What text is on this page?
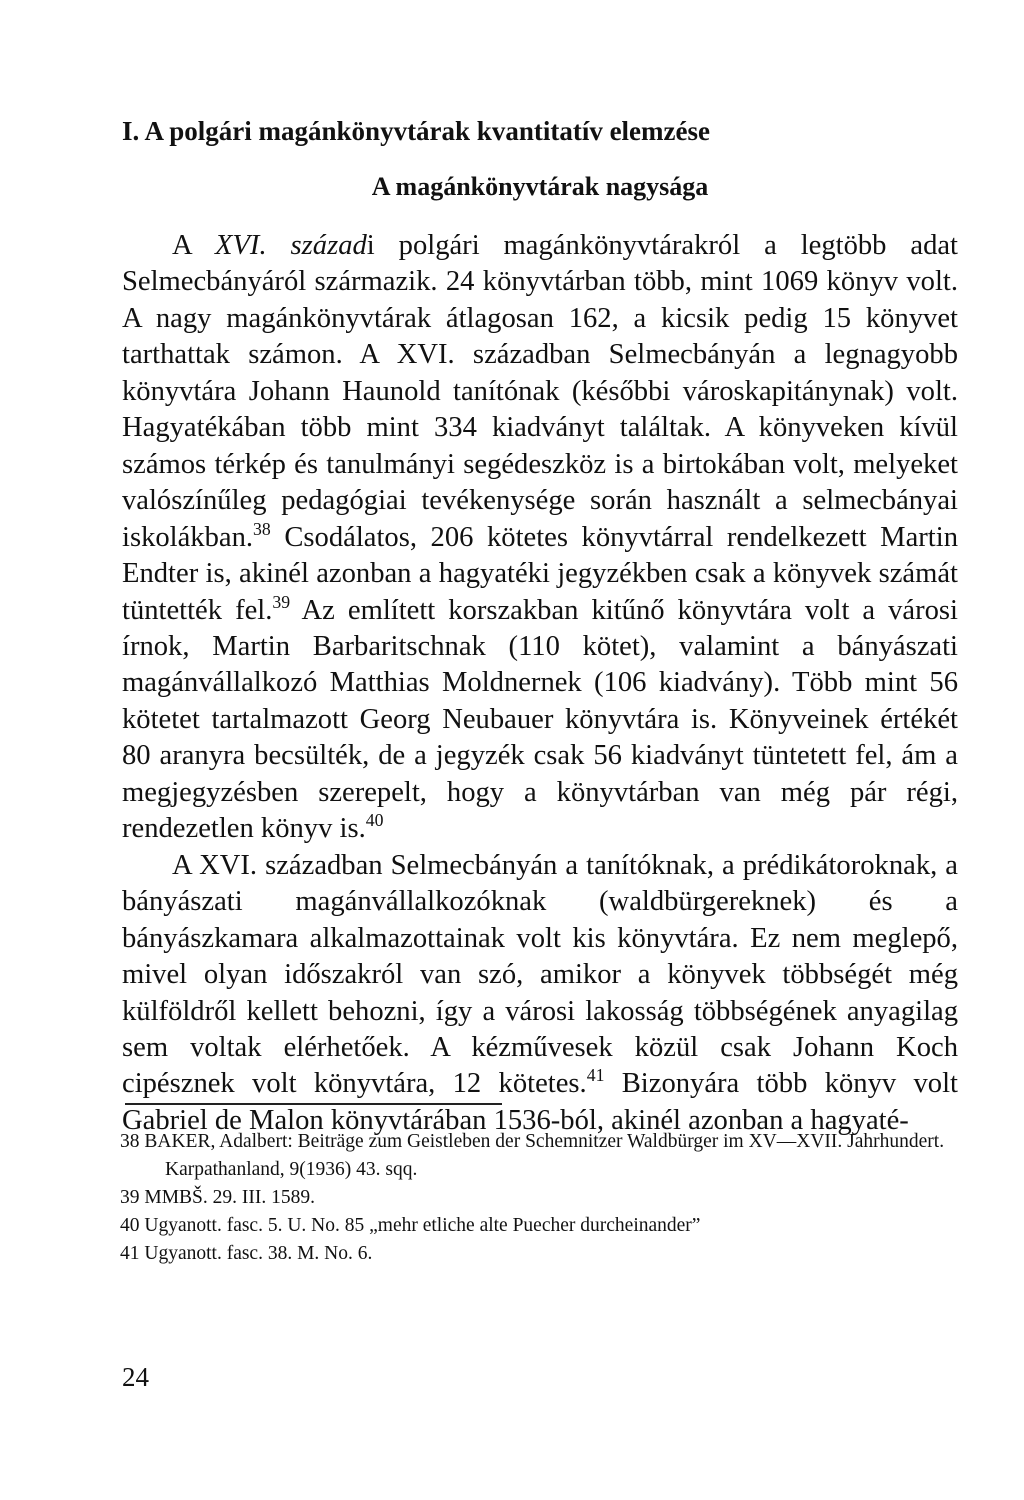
I. A polgári magánkönyvtárak kvantitatív elemzése
A magánkönyvtárak nagysága

A XVI. századi polgári magánkönyvtárakról a legtöbb adat Selmecbányáról származik. 24 könyvtárban több, mint 1069 könyv volt. A nagy magánkönyvtárak átlagosan 162, a kicsik pedig 15 könyvet tarthattak számon. A XVI. században Selmecbányán a legnagyobb könyvtára Johann Haunold tanítónak (későbbi városkapitánynak) volt. Hagyatékában több mint 334 kiadványt találtak. A könyveken kívül számos térkép és tanulmányi segédeszköz is a birtokában volt, melyeket valószínűleg pedagógiai tevékenysége során használt a selmecbányai iskolákban.$^{38}$ Csodálatos, 206 kötetes könyvtárral rendelkezett Martin Endter is, akinél azonban a hagyatéki jegyzékben csak a könyvek számát tüntették fel.$^{39}$ Az említett korszakban kitűnő könyvtára volt a városi írnok, Martin Barbaritschnak (110 kötet), valamint a bányászati magánvállalkozó Matthias Moldnernek (106 kiadvány). Több mint 56 kötetet tartalmazott Georg Neubauer könyvtára is. Könyveinek értékét 80 aranyra becsülték, de a jegyzék csak 56 kiadványt tüntetett fel, ám a megjegyzésben szerepelt, hogy a könyvtárban van még pár régi, rendezetlen könyv is.$^{40}$

A XVI. században Selmecbányán a tanítóknak, a prédikátoroknak, a bányászati magánvállalkozóknak (waldbürgereknek) és a bányászkamara alkalmazottainak volt kis könyvtára. Ez nem meglepő, mivel olyan időszakról van szó, amikor a könyvek többségét még külföldről kellett behozni, így a városi lakosság többségének anyagilag sem voltak elérhetőek. A kézművesek közül csak Johann Koch cipésznek volt könyvtára, 12 kötetes.$^{41}$ Bizonyára több könyv volt Gabriel de Malon könyvtárában 1536-ból, akinél azonban a hagyaté-

38 BAKER, Adalbert: Beiträge zum Geistleben der Schemnitzer Waldbürger im XV—XVII. Jahrhundert. Karpathanland, 9(1936) 43. sqq.
39 MMBŠ. 29. III. 1589.
40 Ugyanott. fasc. 5. U. No. 85 „mehr etliche alte Puecher durcheinander”
41 Ugyanott. fasc. 38. M. No. 6.
24
